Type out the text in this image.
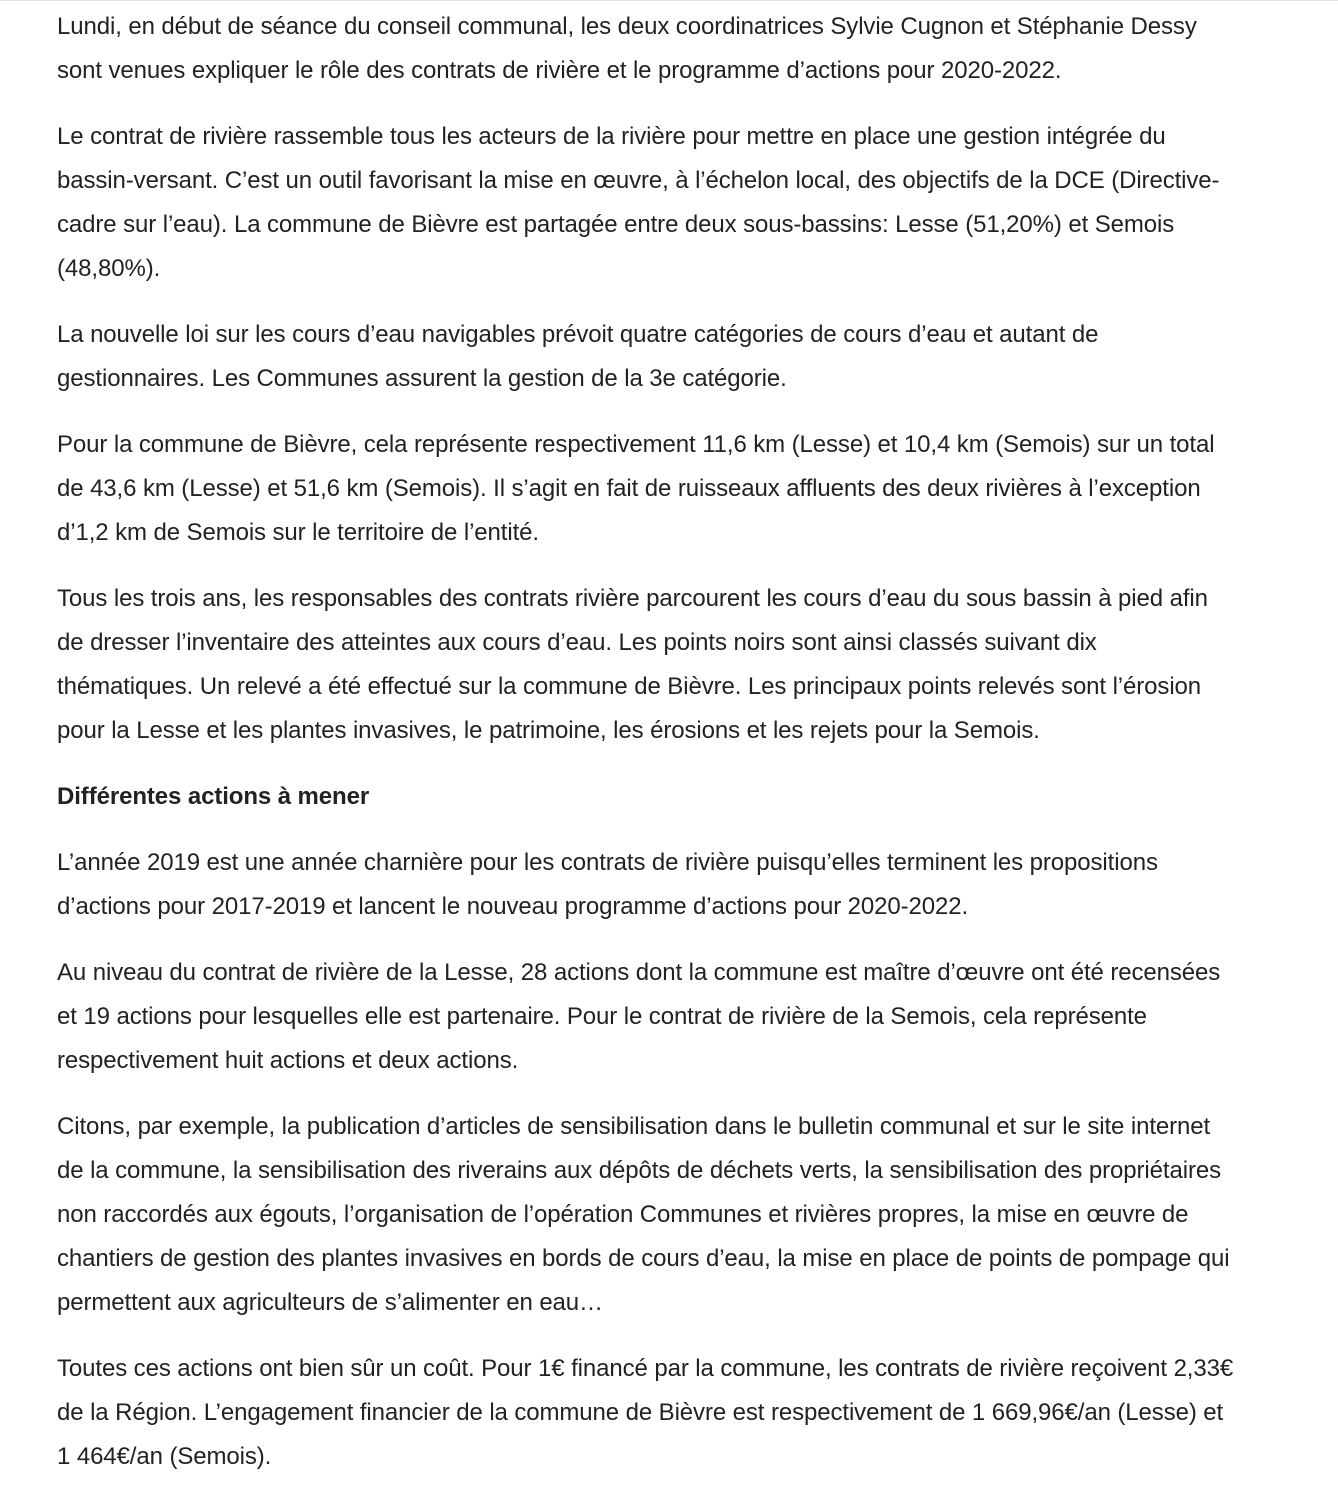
Lundi, en début de séance du conseil communal, les deux coordinatrices Sylvie Cugnon et Stéphanie Dessy sont venues expliquer le rôle des contrats de rivière et le programme d’actions pour 2020-2022.

Le contrat de rivière rassemble tous les acteurs de la rivière pour mettre en place une gestion intégrée du bassin-versant. C’est un outil favorisant la mise en œuvre, à l’échelon local, des objectifs de la DCE (Directive-cadre sur l’eau). La commune de Bièvre est partagée entre deux sous-bassins: Lesse (51,20%) et Semois (48,80%).

La nouvelle loi sur les cours d’eau navigables prévoit quatre catégories de cours d’eau et autant de gestionnaires. Les Communes assurent la gestion de la 3e catégorie.

Pour la commune de Bièvre, cela représente respectivement 11,6 km (Lesse) et 10,4 km (Semois) sur un total de 43,6 km (Lesse) et 51,6 km (Semois). Il s’agit en fait de ruisseaux affluents des deux rivières à l’exception d’1,2 km de Semois sur le territoire de l’entité.

Tous les trois ans, les responsables des contrats rivière parcourent les cours d’eau du sous bassin à pied afin de dresser l’inventaire des atteintes aux cours d’eau. Les points noirs sont ainsi classés suivant dix thématiques. Un relevé a été effectué sur la commune de Bièvre. Les principaux points relevés sont l’érosion pour la Lesse et les plantes invasives, le patrimoine, les érosions et les rejets pour la Semois.

Différentes actions à mener

L’année 2019 est une année charnière pour les contrats de rivière puisqu’elles terminent les propositions d’actions pour 2017-2019 et lancent le nouveau programme d’actions pour 2020-2022.

Au niveau du contrat de rivière de la Lesse, 28 actions dont la commune est maître d’œuvre ont été recensées et 19 actions pour lesquelles elle est partenaire. Pour le contrat de rivière de la Semois, cela représente respectivement huit actions et deux actions.

Citons, par exemple, la publication d’articles de sensibilisation dans le bulletin communal et sur le site internet de la commune, la sensibilisation des riverains aux dépôts de déchets verts, la sensibilisation des propriétaires non raccordés aux égouts, l’organisation de l’opération Communes et rivières propres, la mise en œuvre de chantiers de gestion des plantes invasives en bords de cours d’eau, la mise en place de points de pompage qui permettent aux agriculteurs de s’alimenter en eau…

Toutes ces actions ont bien sûr un coût. Pour 1€ financé par la commune, les contrats de rivière reçoivent 2,33€ de la Région. L’engagement financier de la commune de Bièvre est respectivement de 1 669,96€/an (Lesse) et 1 464€/an (Semois).
